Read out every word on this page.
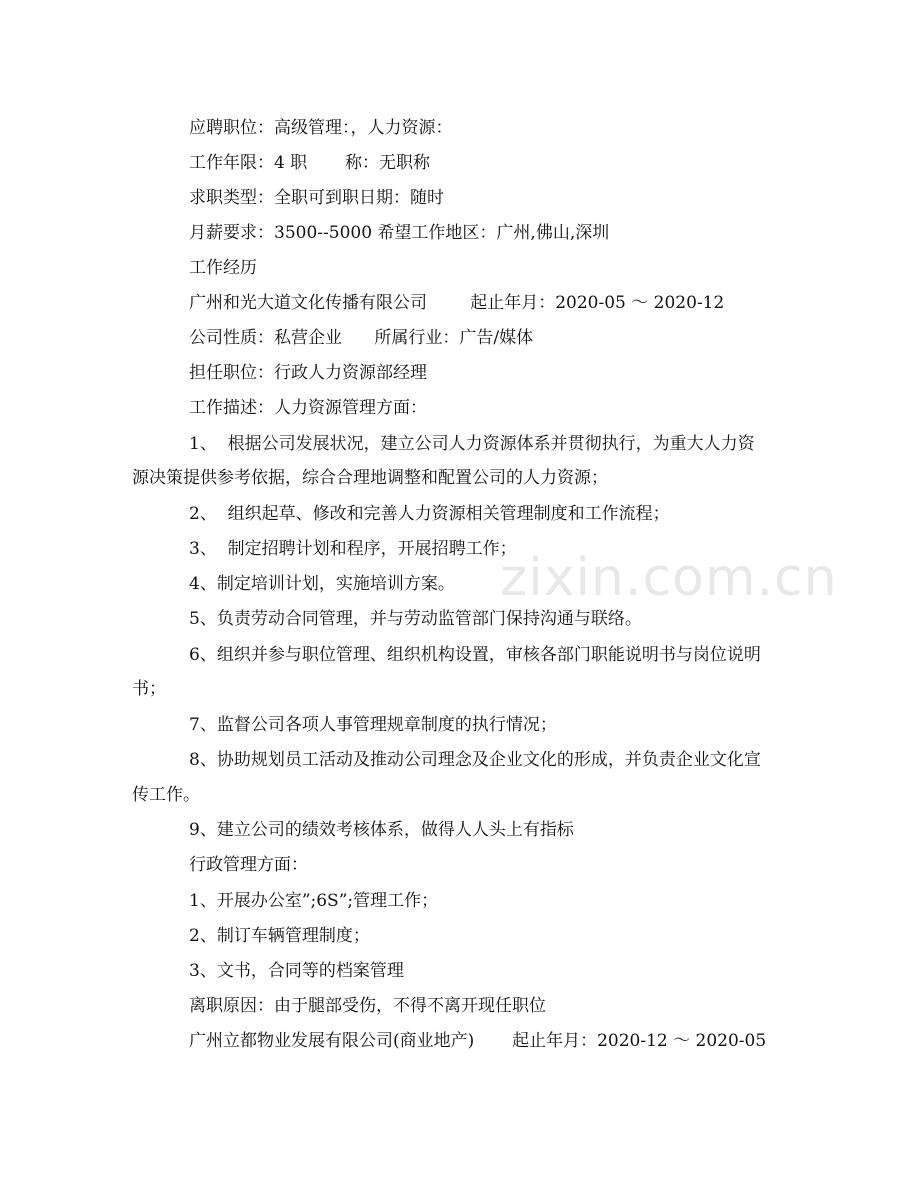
zixin.com.cn
应聘职位：高级管理：，人力资源：
工作年限：4 职       称：无职称
求职类型：全职可到职日期：随时
月薪要求：3500--5000 希望工作地区：广州,佛山,深圳
工作经历
广州和光大道文化传播有限公司        起止年月：2020-05 ～ 2020-12
公司性质：私营企业      所属行业：广告/媒体
担任职位：行政人力资源部经理
工作描述：人力资源管理方面：
1、  根据公司发展状况，建立公司人力资源体系并贯彻执行，为重大人力资
源决策提供参考依据，综合合理地调整和配置公司的人力资源；
2、  组织起草、修改和完善人力资源相关管理制度和工作流程；
3、  制定招聘计划和程序，开展招聘工作；
4、制定培训计划，实施培训方案。
5、负责劳动合同管理，并与劳动监管部门保持沟通与联络。
6、组织并参与职位管理、组织机构设置，审核各部门职能说明书与岗位说明
书；
7、监督公司各项人事管理规章制度的执行情况；
8、协助规划员工活动及推动公司理念及企业文化的形成，并负责企业文化宣
传工作。
9、建立公司的绩效考核体系，做得人人头上有指标
行政管理方面：
1、开展办公室”;6S”;管理工作；
2、制订车辆管理制度；
3、文书，合同等的档案管理
离职原因：由于腿部受伤，不得不离开现任职位
广州立都物业发展有限公司(商业地产)       起止年月：2020-12 ～ 2020-05
